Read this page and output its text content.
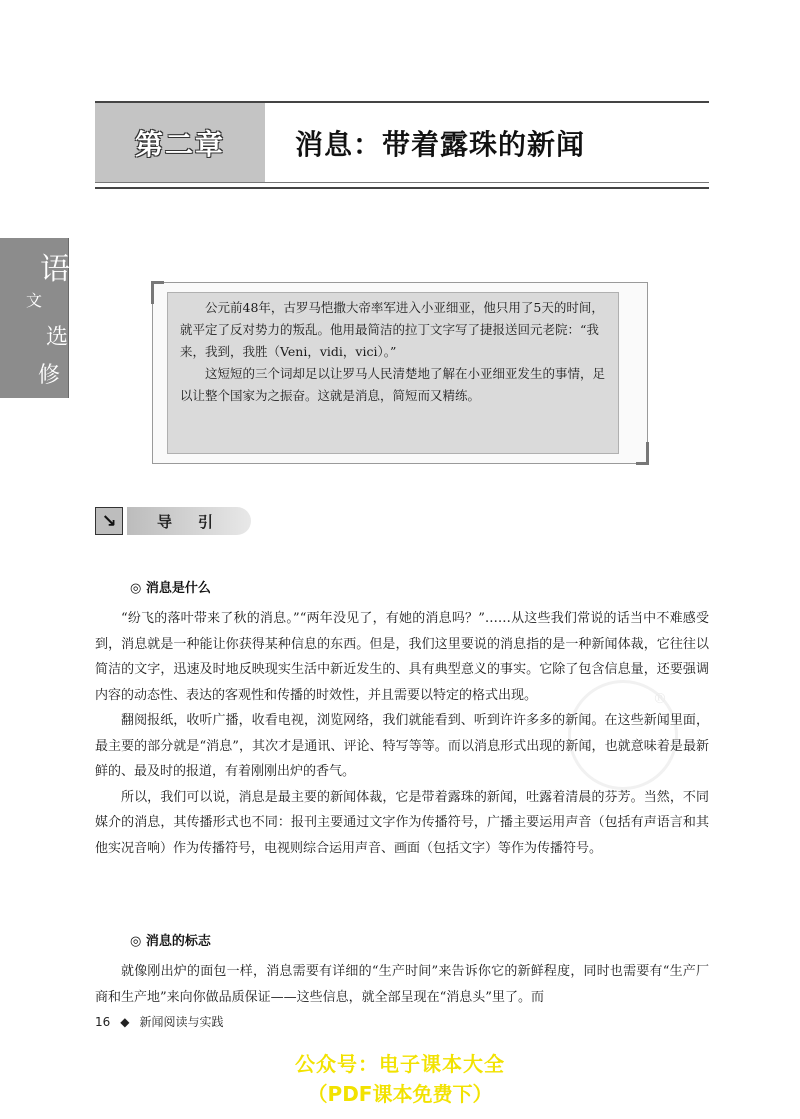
第二章	消息：带着露珠的新闻
语
文
选
修

公元前48年，古罗马恺撒大帝率军进入小亚细亚，他只用了5天的时间，就平定了反对势力的叛乱。他用最简洁的拉丁文字写了捷报送回元老院：“我来，我到，我胜（Veni，vidi，vici）。”

这短短的三个词却足以让罗马人民清楚地了解在小亚细亚发生的事情，足以让整个国家为之振奋。这就是消息，简短而又精练。

↘	导引
®
◎ 消息是什么

“纷飞的落叶带来了秋的消息。”“两年没见了，有她的消息吗？”……从这些我们常说的话当中不难感受到，消息就是一种能让你获得某种信息的东西。但是，我们这里要说的消息指的是一种新闻体裁，它往往以简洁的文字，迅速及时地反映现实生活中新近发生的、具有典型意义的事实。它除了包含信息量，还要强调内容的动态性、表达的客观性和传播的时效性，并且需要以特定的格式出现。

翻阅报纸，收听广播，收看电视，浏览网络，我们就能看到、听到许许多多的新闻。在这些新闻里面，最主要的部分就是“消息”，其次才是通讯、评论、特写等等。而以消息形式出现的新闻，也就意味着是最新鲜的、最及时的报道，有着刚刚出炉的香气。

所以，我们可以说，消息是最主要的新闻体裁，它是带着露珠的新闻，吐露着清晨的芬芳。当然，不同媒介的消息，其传播形式也不同：报刊主要通过文字作为传播符号，广播主要运用声音（包括有声语言和其他实况音响）作为传播符号，电视则综合运用声音、画面（包括文字）等作为传播符号。

◎ 消息的标志

就像刚出炉的面包一样，消息需要有详细的“生产时间”来告诉你它的新鲜程度，同时也需要有“生产厂商和生产地”来向你做品质保证——这些信息，就全部呈现在“消息头”里了。而

16 ◆ 新闻阅读与实践
公众号：电子课本大全
（PDF课本免费下）
